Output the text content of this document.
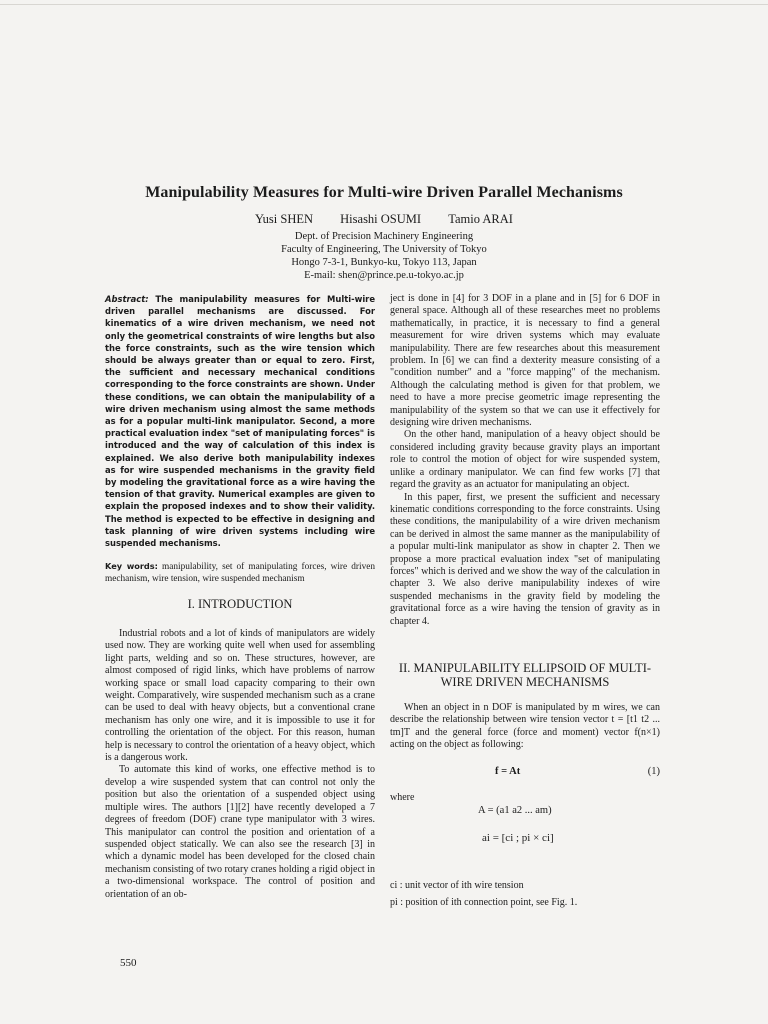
Manipulability Measures for Multi-wire Driven Parallel Mechanisms
Yusi SHEN Hisashi OSUMI Tamio ARAI
Dept. of Precision Machinery Engineering
Faculty of Engineering, The University of Tokyo
Hongo 7-3-1, Bunkyo-ku, Tokyo 113, Japan
E-mail: shen@prince.pe.u-tokyo.ac.jp
Abstract: The manipulability measures for Multi-wire driven parallel mechanisms are discussed. For kinematics of a wire driven mechanism, we need not only the geometrical constraints of wire lengths but also the force constraints, such as the wire tension which should be always greater than or equal to zero. First, the sufficient and necessary mechanical conditions corresponding to the force constraints are shown. Under these conditions, we can obtain the manipulability of a wire driven mechanism using almost the same methods as for a popular multi-link manipulator. Second, a more practical evaluation index "set of manipulating forces" is introduced and the way of calculation of this index is explained. We also derive both manipulability indexes as for wire suspended mechanisms in the gravity field by modeling the gravitational force as a wire having the tension of that gravity. Numerical examples are given to explain the proposed indexes and to show their validity. The method is expected to be effective in designing and task planning of wire driven systems including wire suspended mechanisms.
Key words: manipulability, set of manipulating forces, wire driven mechanism, wire tension, wire suspended mechanism
I. INTRODUCTION

Industrial robots and a lot of kinds of manipulators are widely used now. They are working quite well when used for assembling light parts, welding and so on. These structures, however, are almost composed of rigid links, which have problems of narrow working space or small load capacity comparing to their own weight. Comparatively, wire suspended mechanism such as a crane can be used to deal with heavy objects, but a conventional crane mechanism has only one wire, and it is impossible to use it for controlling the orientation of the object. For this reason, human help is necessary to control the orientation of a heavy object, which is a dangerous work.

To automate this kind of works, one effective method is to develop a wire suspended system that can control not only the position but also the orientation of a suspended object using multiple wires. The authors [1][2] have recently developed a 7 degrees of freedom (DOF) crane type manipulator with 3 wires. This manipulator can control the position and orientation of a suspended object statically. We can also see the research [3] in which a dynamic model has been developed for the closed chain mechanism consisting of two rotary cranes holding a rigid object in a two-dimensional workspace. The control of position and orientation of an ob-

ject is done in [4] for 3 DOF in a plane and in [5] for 6 DOF in general space. Although all of these researches meet no problems mathematically, in practice, it is necessary to find a general measurement for wire driven systems which may evaluate manipulability. There are few researches about this measurement problem. In [6] we can find a dexterity measure consisting of a "condition number" and a "force mapping" of the mechanism. Although the calculating method is given for that problem, we need to have a more precise geometric image representing the manipulability of the system so that we can use it effectively for designing wire driven mechanisms.

On the other hand, manipulation of a heavy object should be considered including gravity because gravity plays an important role to control the motion of object for wire suspended system, unlike a ordinary manipulator. We can find few works [7] that regard the gravity as an actuator for manipulating an object.

In this paper, first, we present the sufficient and necessary kinematic conditions corresponding to the force constraints. Using these conditions, the manipulability of a wire driven mechanism can be derived in almost the same manner as the manipulability of a popular multi-link manipulator as show in chapter 2. Then we propose a more practical evaluation index "set of manipulating forces" which is derived and we show the way of the calculation in chapter 3. We also derive manipulability indexes of wire suspended mechanisms in the gravity field by modeling the gravitational force as a wire having the tension of gravity as in chapter 4.

II. MANIPULABILITY ELLIPSOID OF MULTI-WIRE DRIVEN MECHANISMS

When an object in n DOF is manipulated by m wires, we can describe the relationship between wire tension vector t = [t1 t2 ... tm]T and the general force (force and moment) vector f(n×1) acting on the object as following:

f = At	(1)
where
A = (a1 a2 ... am)
ai = [ci ; pi × ci]
ci : unit vector of ith wire tension
pi : position of ith connection point, see Fig. 1.
550
